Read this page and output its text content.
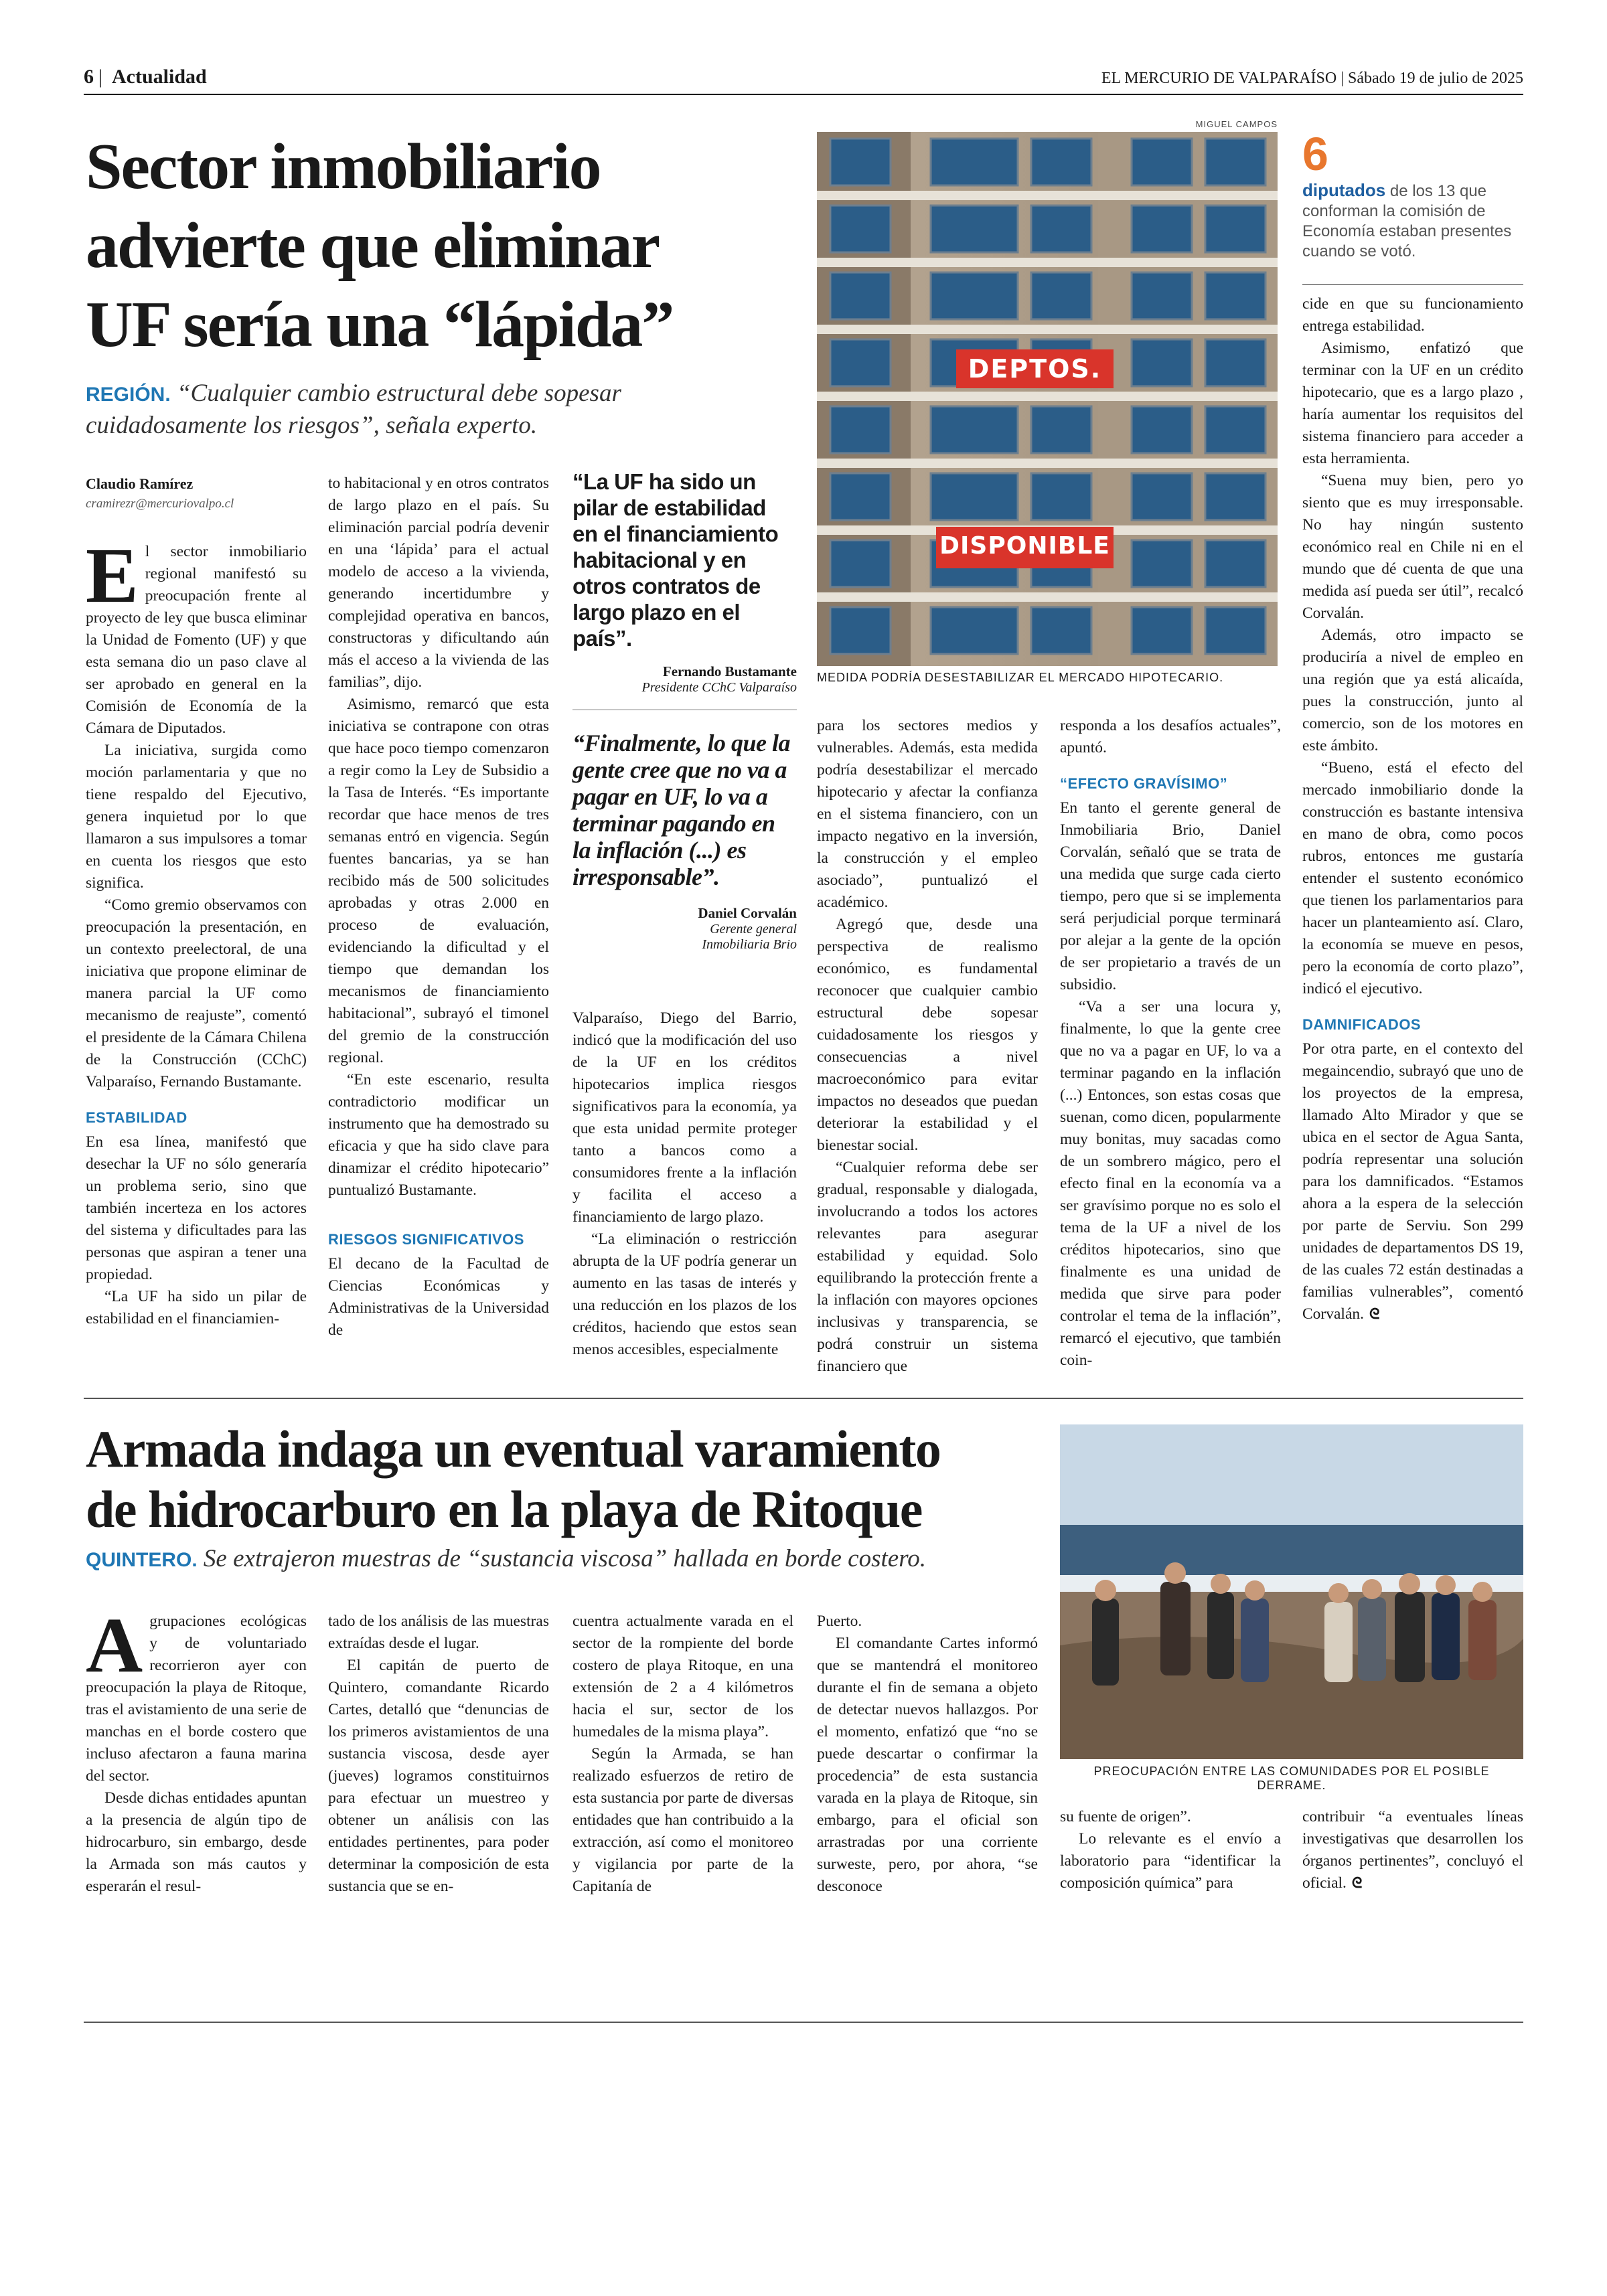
6 | Actualidad	EL MERCURIO DE VALPARAÍSO | Sábado 19 de julio de 2025
Sector inmobiliario
advierte que eliminar
UF sería una “lápida”
REGIÓN. “Cualquier cambio estructural debe sopesar cuidadosamente los riesgos”, señala experto.
Claudio Ramírez
cramirezr@mercuriovalpo.cl

El sector inmobiliario regional manifestó su preocupación frente al proyecto de ley que busca eliminar la Unidad de Fomento (UF) y que esta semana dio un paso clave al ser aprobado en general en la Comisión de Economía de la Cámara de Diputados.

La iniciativa, surgida como moción parlamentaria y que no tiene respaldo del Ejecutivo, genera inquietud por lo que llamaron a sus impulsores a tomar en cuenta los riesgos que esto significa.

“Como gremio observamos con preocupación la presentación, en un contexto preelectoral, de una iniciativa que propone eliminar de manera parcial la UF como mecanismo de reajuste”, comentó el presidente de la Cámara Chilena de la Construcción (CChC) Valparaíso, Fernando Bustamante.

ESTABILIDAD

En esa línea, manifestó que desechar la UF no sólo generaría un problema serio, sino que también incerteza en los actores del sistema y dificultades para las personas que aspiran a tener una propiedad.

“La UF ha sido un pilar de estabilidad en el financiamien-

to habitacional y en otros contratos de largo plazo en el país. Su eliminación parcial podría devenir en una ‘lápida’ para el actual modelo de acceso a la vivienda, generando incertidumbre y complejidad operativa en bancos, constructoras y dificultando aún más el acceso a la vivienda de las familias”, dijo.

Asimismo, remarcó que esta iniciativa se contrapone con otras que hace poco tiempo comenzaron a regir como la Ley de Subsidio a la Tasa de Interés. “Es importante recordar que hace menos de tres semanas entró en vigencia. Según fuentes bancarias, ya se han recibido más de 500 solicitudes aprobadas y otras 2.000 en proceso de evaluación, evidenciando la dificultad y el tiempo que demandan los mecanismos de financiamiento habitacional”, subrayó el timonel del gremio de la construcción regional.

“En este escenario, resulta contradictorio modificar un instrumento que ha demostrado su eficacia y que ha sido clave para dinamizar el crédito hipotecario” puntualizó Bustamante.

RIESGOS SIGNIFICATIVOS

El decano de la Facultad de Ciencias Económicas y Administrativas de la Universidad de

“La UF ha sido un pilar de estabilidad en el financiamiento habitacional y en otros contratos de largo plazo en el país”.
Fernando Bustamante
Presidente CChC Valparaíso
“Finalmente, lo que la gente cree que no va a pagar en UF, lo va a terminar pagando en la inflación (...) es irresponsable”.
Daniel Corvalán
Gerente general
Inmobiliaria Brio

Valparaíso, Diego del Barrio, indicó que la modificación del uso de la UF en los créditos hipotecarios implica riesgos significativos para la economía, ya que esta unidad permite proteger tanto a bancos como a consumidores frente a la inflación y facilita el acceso a financiamiento de largo plazo.

“La eliminación o restricción abrupta de la UF podría generar un aumento en las tasas de interés y una reducción en los plazos de los créditos, haciendo que estos sean menos accesibles, especialmente

DEPTOS.
DISPONIBLE
MIGUEL CAMPOS
MEDIDA PODRÍA DESESTABILIZAR EL MERCADO HIPOTECARIO.
6
diputados de los 13 que conforman la comisión de Economía estaban presentes cuando se votó.

para los sectores medios y vulnerables. Además, esta medida podría desestabilizar el mercado hipotecario y afectar la confianza en el sistema financiero, con un impacto negativo en la inversión, la construcción y el empleo asociado”, puntualizó el académico.

Agregó que, desde una perspectiva de realismo económico, es fundamental reconocer que cualquier cambio estructural debe sopesar cuidadosamente los riesgos y consecuencias a nivel macroeconómico para evitar impactos no deseados que puedan deteriorar la estabilidad y el bienestar social.

“Cualquier reforma debe ser gradual, responsable y dialogada, involucrando a todos los actores relevantes para asegurar estabilidad y equidad. Solo equilibrando la protección frente a la inflación con mayores opciones inclusivas y transparencia, se podrá construir un sistema financiero que

responda a los desafíos actuales”, apuntó.

“EFECTO GRAVÍSIMO”

En tanto el gerente general de Inmobiliaria Brio, Daniel Corvalán, señaló que se trata de una medida que surge cada cierto tiempo, pero que si se implementa será perjudicial porque terminará por alejar a la gente de la opción de ser propietario a través de un subsidio.

“Va a ser una locura y, finalmente, lo que la gente cree que no va a pagar en UF, lo va a terminar pagando en la inflación (...) Entonces, son estas cosas que suenan, como dicen, popularmente muy bonitas, muy sacadas como de un sombrero mágico, pero el efecto final en la economía va a ser gravísimo porque no es solo el tema de la UF a nivel de los créditos hipotecarios, sino que finalmente es una unidad de medida que sirve para poder controlar el tema de la inflación”, remarcó el ejecutivo, que también coin-

cide en que su funcionamiento entrega estabilidad.

Asimismo, enfatizó que terminar con la UF en un crédito hipotecario, que es a largo plazo , haría aumentar los requisitos del sistema financiero para acceder a esta herramienta.

“Suena muy bien, pero yo siento que es muy irresponsable. No hay ningún sustento económico real en Chile ni en el mundo que dé cuenta de que una medida así pueda ser útil”, recalcó Corvalán.

Además, otro impacto se produciría a nivel de empleo en una región que ya está alicaída, pues la construcción, junto al comercio, son de los motores en este ámbito.

“Bueno, está el efecto del mercado inmobiliario donde la construcción es bastante intensiva en mano de obra, como pocos rubros, entonces me gustaría entender el sustento económico que tienen los parlamentarios para hacer un planteamiento así. Claro, la economía se mueve en pesos, pero la economía de corto plazo”, indicó el ejecutivo.

DAMNIFICADOS

Por otra parte, en el contexto del megaincendio, subrayó que uno de los proyectos de la empresa, llamado Alto Mirador y que se ubica en el sector de Agua Santa, podría representar una solución para los damnificados. “Estamos ahora a la espera de la selección por parte de Serviu. Son 299 unidades de departamentos DS 19, de las cuales 72 están destinadas a familias vulnerables”, comentó Corvalán. ᘓ

Armada indaga un eventual varamiento
de hidrocarburo en la playa de Ritoque
QUINTERO. Se extrajeron muestras de “sustancia viscosa” hallada en borde costero.
PREOCUPACIÓN ENTRE LAS COMUNIDADES POR EL POSIBLE DERRAME.

Agrupaciones ecológicas y de voluntariado recorrieron ayer con preocupación la playa de Ritoque, tras el avistamiento de una serie de manchas en el borde costero que incluso afectaron a fauna marina del sector.

Desde dichas entidades apuntan a la presencia de algún tipo de hidrocarburo, sin embargo, desde la Armada son más cautos y esperarán el resul-

tado de los análisis de las muestras extraídas desde el lugar.

El capitán de puerto de Quintero, comandante Ricardo Cartes, detalló que “denuncias de los primeros avistamientos de una sustancia viscosa, desde ayer (jueves) logramos constituirnos para efectuar un muestreo y obtener un análisis con las entidades pertinentes, para poder determinar la composición de esta sustancia que se en-

cuentra actualmente varada en el sector de la rompiente del borde costero de playa Ritoque, en una extensión de 2 a 4 kilómetros hacia el sur, sector de los humedales de la misma playa”.

Según la Armada, se han realizado esfuerzos de retiro de esta sustancia por parte de diversas entidades que han contribuido a la extracción, así como el monitoreo y vigilancia por parte de la Capitanía de

Puerto.

El comandante Cartes informó que se mantendrá el monitoreo durante el fin de semana a objeto de detectar nuevos hallazgos. Por el momento, enfatizó que “no se puede descartar o confirmar la procedencia” de esta sustancia varada en la playa de Ritoque, sin embargo, para el oficial son arrastradas por una corriente surweste, pero, por ahora, “se desconoce

su fuente de origen”.

Lo relevante es el envío a laboratorio para “identificar la composición química” para

contribuir “a eventuales líneas investigativas que desarrollen los órganos pertinentes”, concluyó el oficial. ᘓ
